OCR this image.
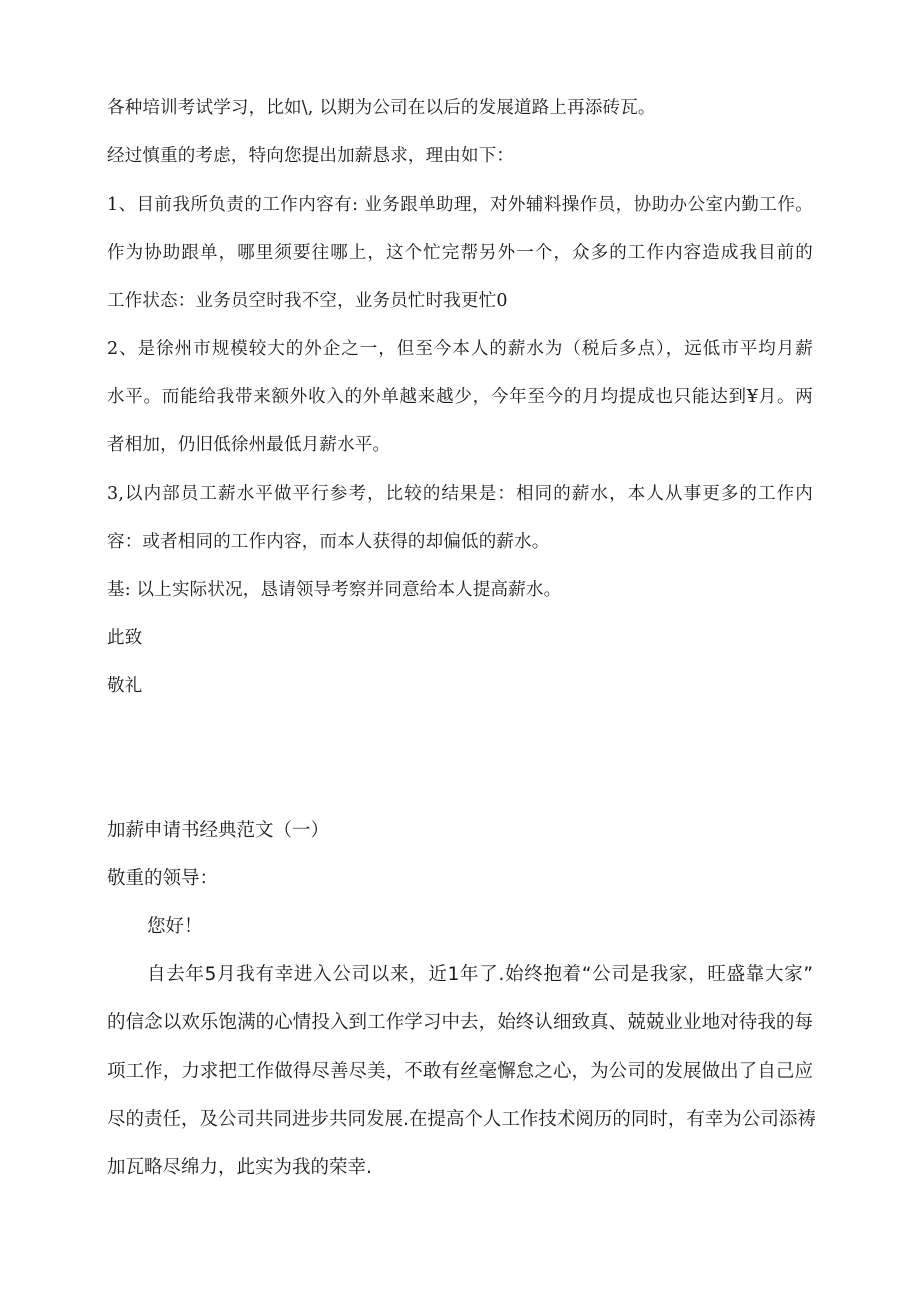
各种培训考试学习，比如\, 以期为公司在以后的发展道路上再添砖瓦。
经过慎重的考虑，特向您提出加薪恳求，理由如下：
1、目前我所负责的工作内容有: 业务跟单助理，对外辅料操作员，协助办公室内勤工作。
作为协助跟单，哪里须要往哪上，这个忙完帮另外一个，众多的工作内容造成我目前的
工作状态：业务员空时我不空，业务员忙时我更忙0
2、是徐州市规模较大的外企之一，但至今本人的薪水为（税后多点），远低市平均月薪
水平。而能给我带来额外收入的外单越来越少，今年至今的月均提成也只能达到¥月。两
者相加，仍旧低徐州最低月薪水平。
3,以内部员工薪水平做平行参考，比较的结果是：相同的薪水，本人从事更多的工作内
容：或者相同的工作内容，而本人获得的却偏低的薪水。
基: 以上实际状况，恳请领导考察并同意给本人提高薪水。
此致
敬礼
加薪申请书经典范文（一）
敬重的领导：
您好！
自去年5月我有幸进入公司以来，近1年了.始终抱着“公司是我家，旺盛靠大家”
的信念以欢乐饱满的心情投入到工作学习中去，始终认细致真、兢兢业业地对待我的每
项工作，力求把工作做得尽善尽美，不敢有丝毫懈怠之心，为公司的发展做出了自己应
尽的责任，及公司共同进步共同发展.在提高个人工作技术阅历的同时，有幸为公司添祷
加瓦略尽绵力，此实为我的荣幸.
